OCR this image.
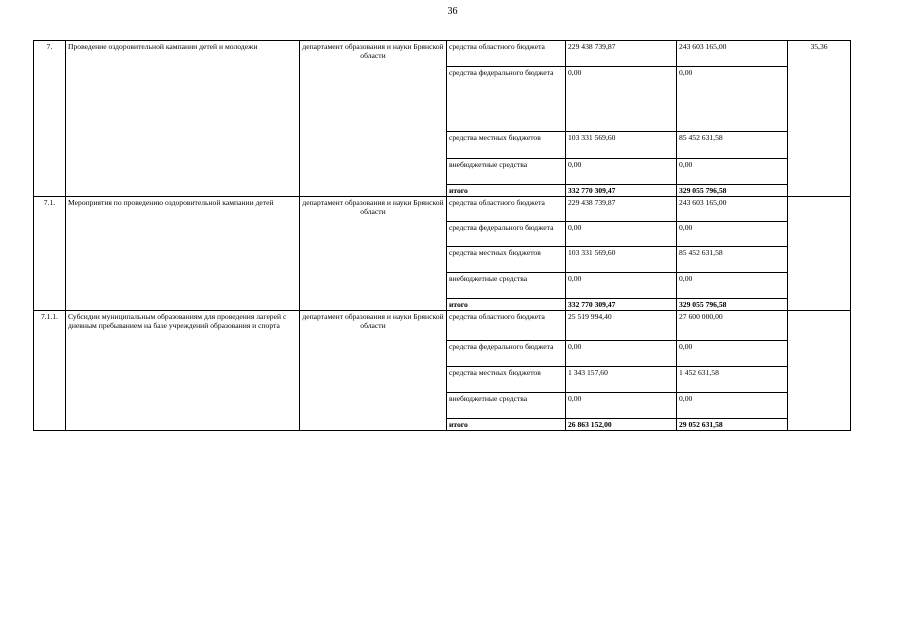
36
7.	Проведение оздоровительной кампании детей и молодежи	департамент образования и науки Брянской области	средства областного бюджета	229 438 739,87	243 603 165,00	35,36
			средства федерального бюджета	0,00	0,00	
			средства местных бюджетов	103 331 569,60	85 452 631,58	
			внебюджетные средства	0,00	0,00	
			итого	332 770 309,47	329 055 796,58	
7.1.	Мероприятия по проведению оздоровительной кампании детей	департамент образования и науки Брянской области	средства областного бюджета	229 438 739,87	243 603 165,00	
			средства федерального бюджета	0,00	0,00	
			средства местных бюджетов	103 331 569,60	85 452 631,58	
			внебюджетные средства	0,00	0,00	
			итого	332 770 309,47	329 055 796,58	
7.1.1.	Субсидии муниципальным образованиям для проведения лагерей с дневным пребыванием на базе учреждений образования и спорта	департамент образования и науки Брянской области	средства областного бюджета	25 519 994,40	27 600 000,00	
			средства федерального бюджета	0,00	0,00	
			средства местных бюджетов	1 343 157,60	1 452 631,58	
			внебюджетные средства	0,00	0,00	
			итого	26 863 152,00	29 052 631,58	
